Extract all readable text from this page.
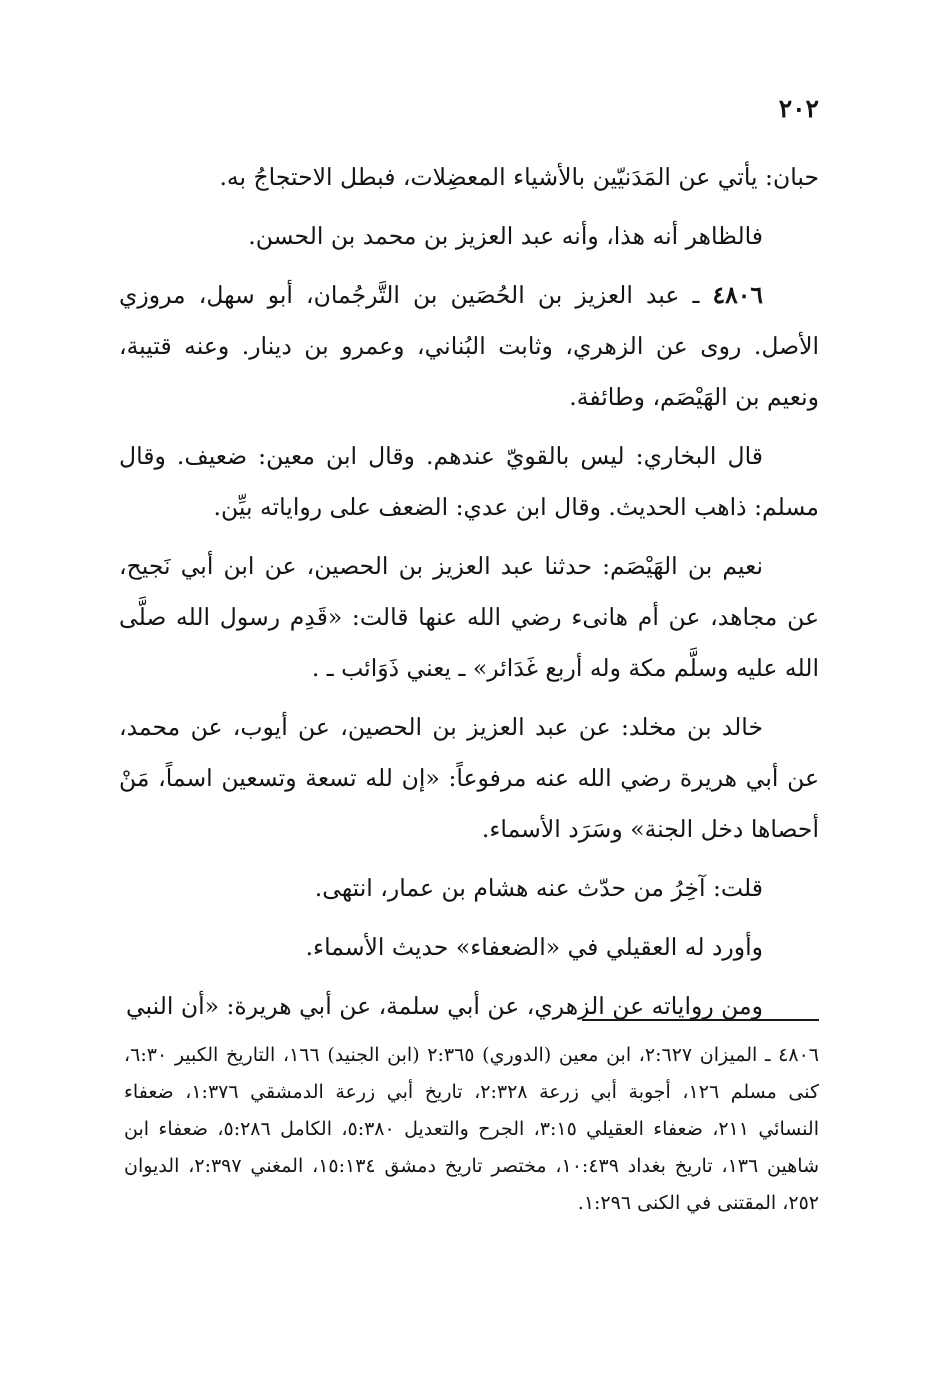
٢٠٢

حبان: يأتي عن المَدَنيّين بالأشياء المعضِلات، فبطل الاحتجاجُ به.

فالظاهر أنه هذا، وأنه عبد العزيز بن محمد بن الحسن.

٤٨٠٦ ـ عبد العزيز بن الحُصَين بن التَّرجُمان، أبو سهل، مروزي الأصل. روى عن الزهري، وثابت البُناني، وعمرو بن دينار. وعنه قتيبة، ونعيم بن الهَيْصَم، وطائفة.

قال البخاري: ليس بالقويّ عندهم. وقال ابن معين: ضعيف. وقال مسلم: ذاهب الحديث. وقال ابن عدي: الضعف على رواياته بيِّن.

نعيم بن الهَيْصَم: حدثنا عبد العزيز بن الحصين، عن ابن أبي نَجيح، عن مجاهد، عن أم هانىء رضي الله عنها قالت: «قَدِم رسول الله صلَّى الله عليه وسلَّم مكة وله أربع غَدَائر» ـ يعني ذَوَائب ـ .

خالد بن مخلد: عن عبد العزيز بن الحصين، عن أيوب، عن محمد، عن أبي هريرة رضي الله عنه مرفوعاً: «إن لله تسعة وتسعين اسماً، مَنْ أحصاها دخل الجنة» وسَرَد الأسماء.

قلت: آخِرُ من حدّث عنه هشام بن عمار، انتهى.

وأورد له العقيلي في «الضعفاء» حديث الأسماء.

ومن رواياته عن الزهري، عن أبي سلمة، عن أبي هريرة: «أن النبي

٤٨٠٦ ـ الميزان ٢:٦٢٧، ابن معين (الدوري) ٢:٣٦٥ (ابن الجنيد) ١٦٦، التاريخ الكبير ٦:٣٠، كنى مسلم ١٢٦، أجوبة أبي زرعة ٢:٣٢٨، تاريخ أبي زرعة الدمشقي ١:٣٧٦، ضعفاء النسائي ٢١١، ضعفاء العقيلي ٣:١٥، الجرح والتعديل ٥:٣٨٠، الكامل ٥:٢٨٦، ضعفاء ابن شاهين ١٣٦، تاريخ بغداد ١٠:٤٣٩، مختصر تاريخ دمشق ١٥:١٣٤، المغني ٢:٣٩٧، الديوان ٢٥٢، المقتنى في الكنى ١:٢٩٦.
